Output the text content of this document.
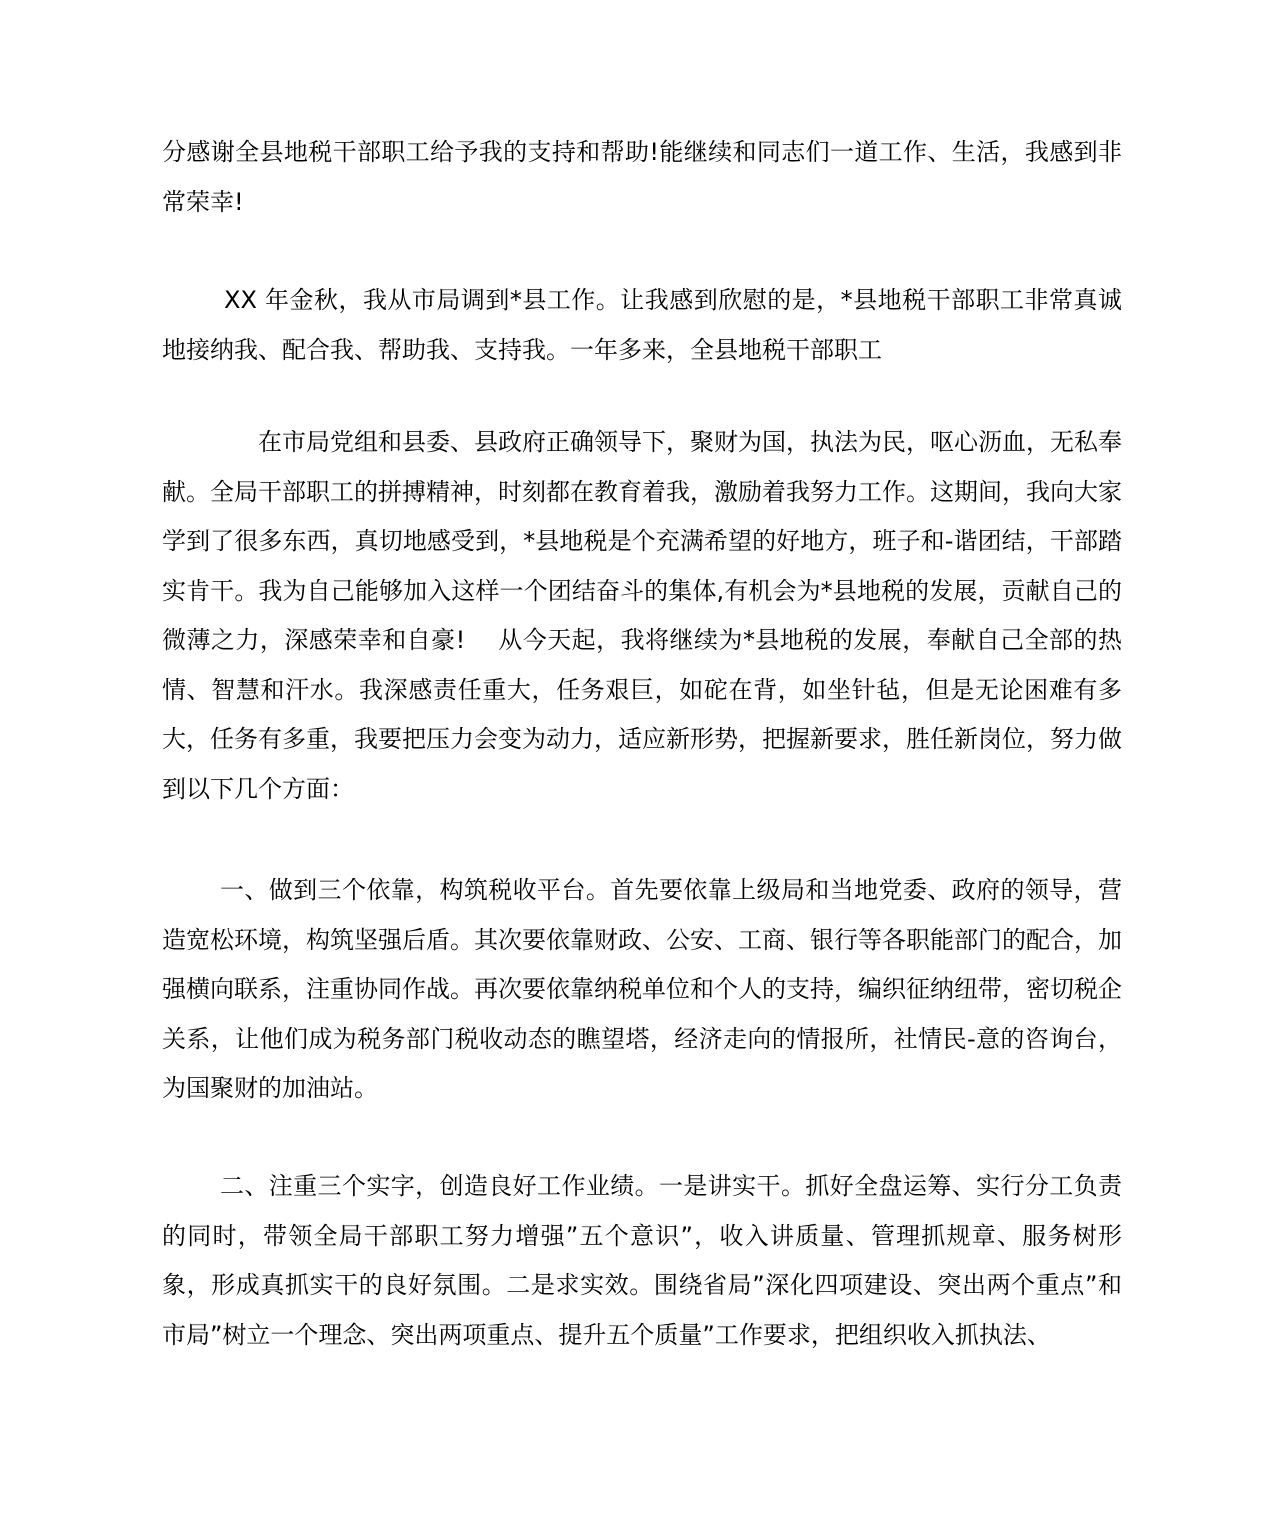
分感谢全县地税干部职工给予我的支持和帮助!能继续和同志们一道工作、生活，我感到非常荣幸!

XX 年金秋，我从市局调到*县工作。让我感到欣慰的是，*县地税干部职工非常真诚地接纳我、配合我、帮助我、支持我。一年多来，全县地税干部职工

在市局党组和县委、县政府正确领导下，聚财为国，执法为民，呕心沥血，无私奉献。全局干部职工的拼搏精神，时刻都在教育着我，激励着我努力工作。这期间，我向大家学到了很多东西，真切地感受到，*县地税是个充满希望的好地方，班子和-谐团结，干部踏实肯干。我为自己能够加入这样一个团结奋斗的集体,有机会为*县地税的发展，贡献自己的微薄之力，深感荣幸和自豪!　 从今天起，我将继续为*县地税的发展，奉献自己全部的热情、智慧和汗水。我深感责任重大，任务艰巨，如砣在背，如坐针毡，但是无论困难有多大，任务有多重，我要把压力会变为动力，适应新形势，把握新要求，胜任新岗位，努力做到以下几个方面：

一、做到三个依靠，构筑税收平台。首先要依靠上级局和当地党委、政府的领导，营造宽松环境，构筑坚强后盾。其次要依靠财政、公安、工商、银行等各职能部门的配合，加强横向联系，注重协同作战。再次要依靠纳税单位和个人的支持，编织征纳纽带，密切税企关系，让他们成为税务部门税收动态的瞧望塔，经济走向的情报所，社情民-意的咨询台，为国聚财的加油站。

二、注重三个实字，创造良好工作业绩。一是讲实干。抓好全盘运筹、实行分工负责的同时，带领全局干部职工努力增强”五个意识”，收入讲质量、管理抓规章、服务树形象，形成真抓实干的良好氛围。二是求实效。围绕省局”深化四项建设、突出两个重点”和市局”树立一个理念、突出两项重点、提升五个质量”工作要求，把组织收入抓执法、
